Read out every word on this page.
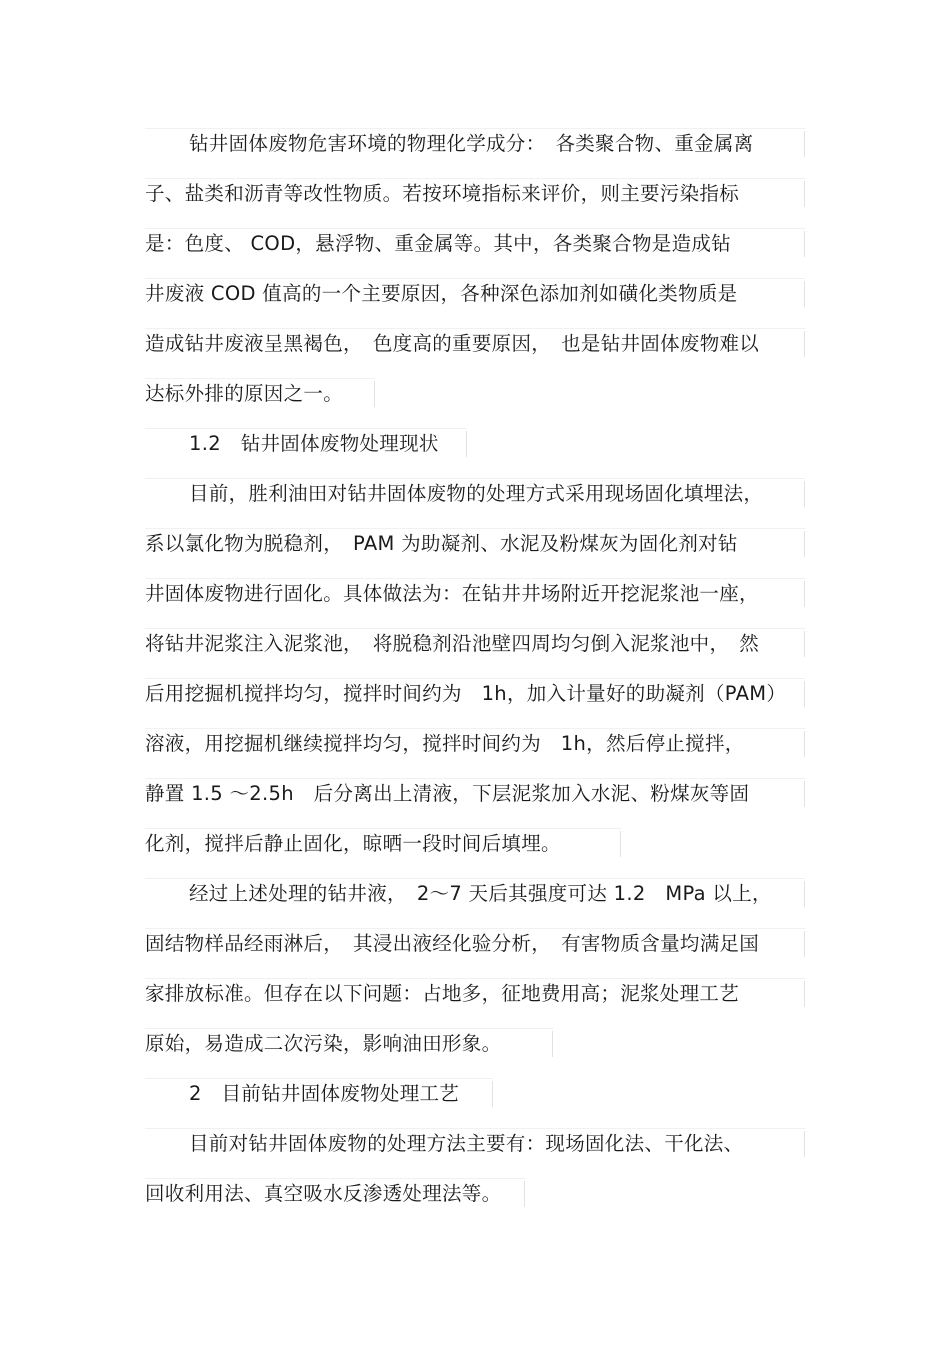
钻井固体废物危害环境的物理化学成分：　各类聚合物、重金属离
子、盐类和沥青等改性物质。若按环境指标来评价，则主要污染指标
是：色度、 COD，悬浮物、重金属等。其中，各类聚合物是造成钻
井废液 COD 值高的一个主要原因，各种深色添加剂如磺化类物质是
造成钻井废液呈黑褐色，　色度高的重要原因，　也是钻井固体废物难以
达标外排的原因之一。
1.2　钻井固体废物处理现状
目前，胜利油田对钻井固体废物的处理方式采用现场固化填埋法，
系以氯化物为脱稳剂，　PAM 为助凝剂、水泥及粉煤灰为固化剂对钻
井固体废物进行固化。具体做法为：在钻井井场附近开挖泥浆池一座，
将钻井泥浆注入泥浆池，　将脱稳剂沿池壁四周均匀倒入泥浆池中，　然
后用挖掘机搅拌均匀，搅拌时间约为　1h，加入计量好的助凝剂（PAM）
溶液，用挖掘机继续搅拌均匀，搅拌时间约为　1h，然后停止搅拌，
静置 1.5 ～2.5h　后分离出上清液，下层泥浆加入水泥、粉煤灰等固
化剂，搅拌后静止固化，晾晒一段时间后填埋。
经过上述处理的钻井液，　2～7 天后其强度可达 1.2　MPa 以上，
固结物样品经雨淋后，　其浸出液经化验分析，　有害物质含量均满足国
家排放标准。但存在以下问题：占地多，征地费用高；泥浆处理工艺
原始，易造成二次污染，影响油田形象。
2　目前钻井固体废物处理工艺
目前对钻井固体废物的处理方法主要有：现场固化法、干化法、
回收利用法、真空吸水反渗透处理法等。
